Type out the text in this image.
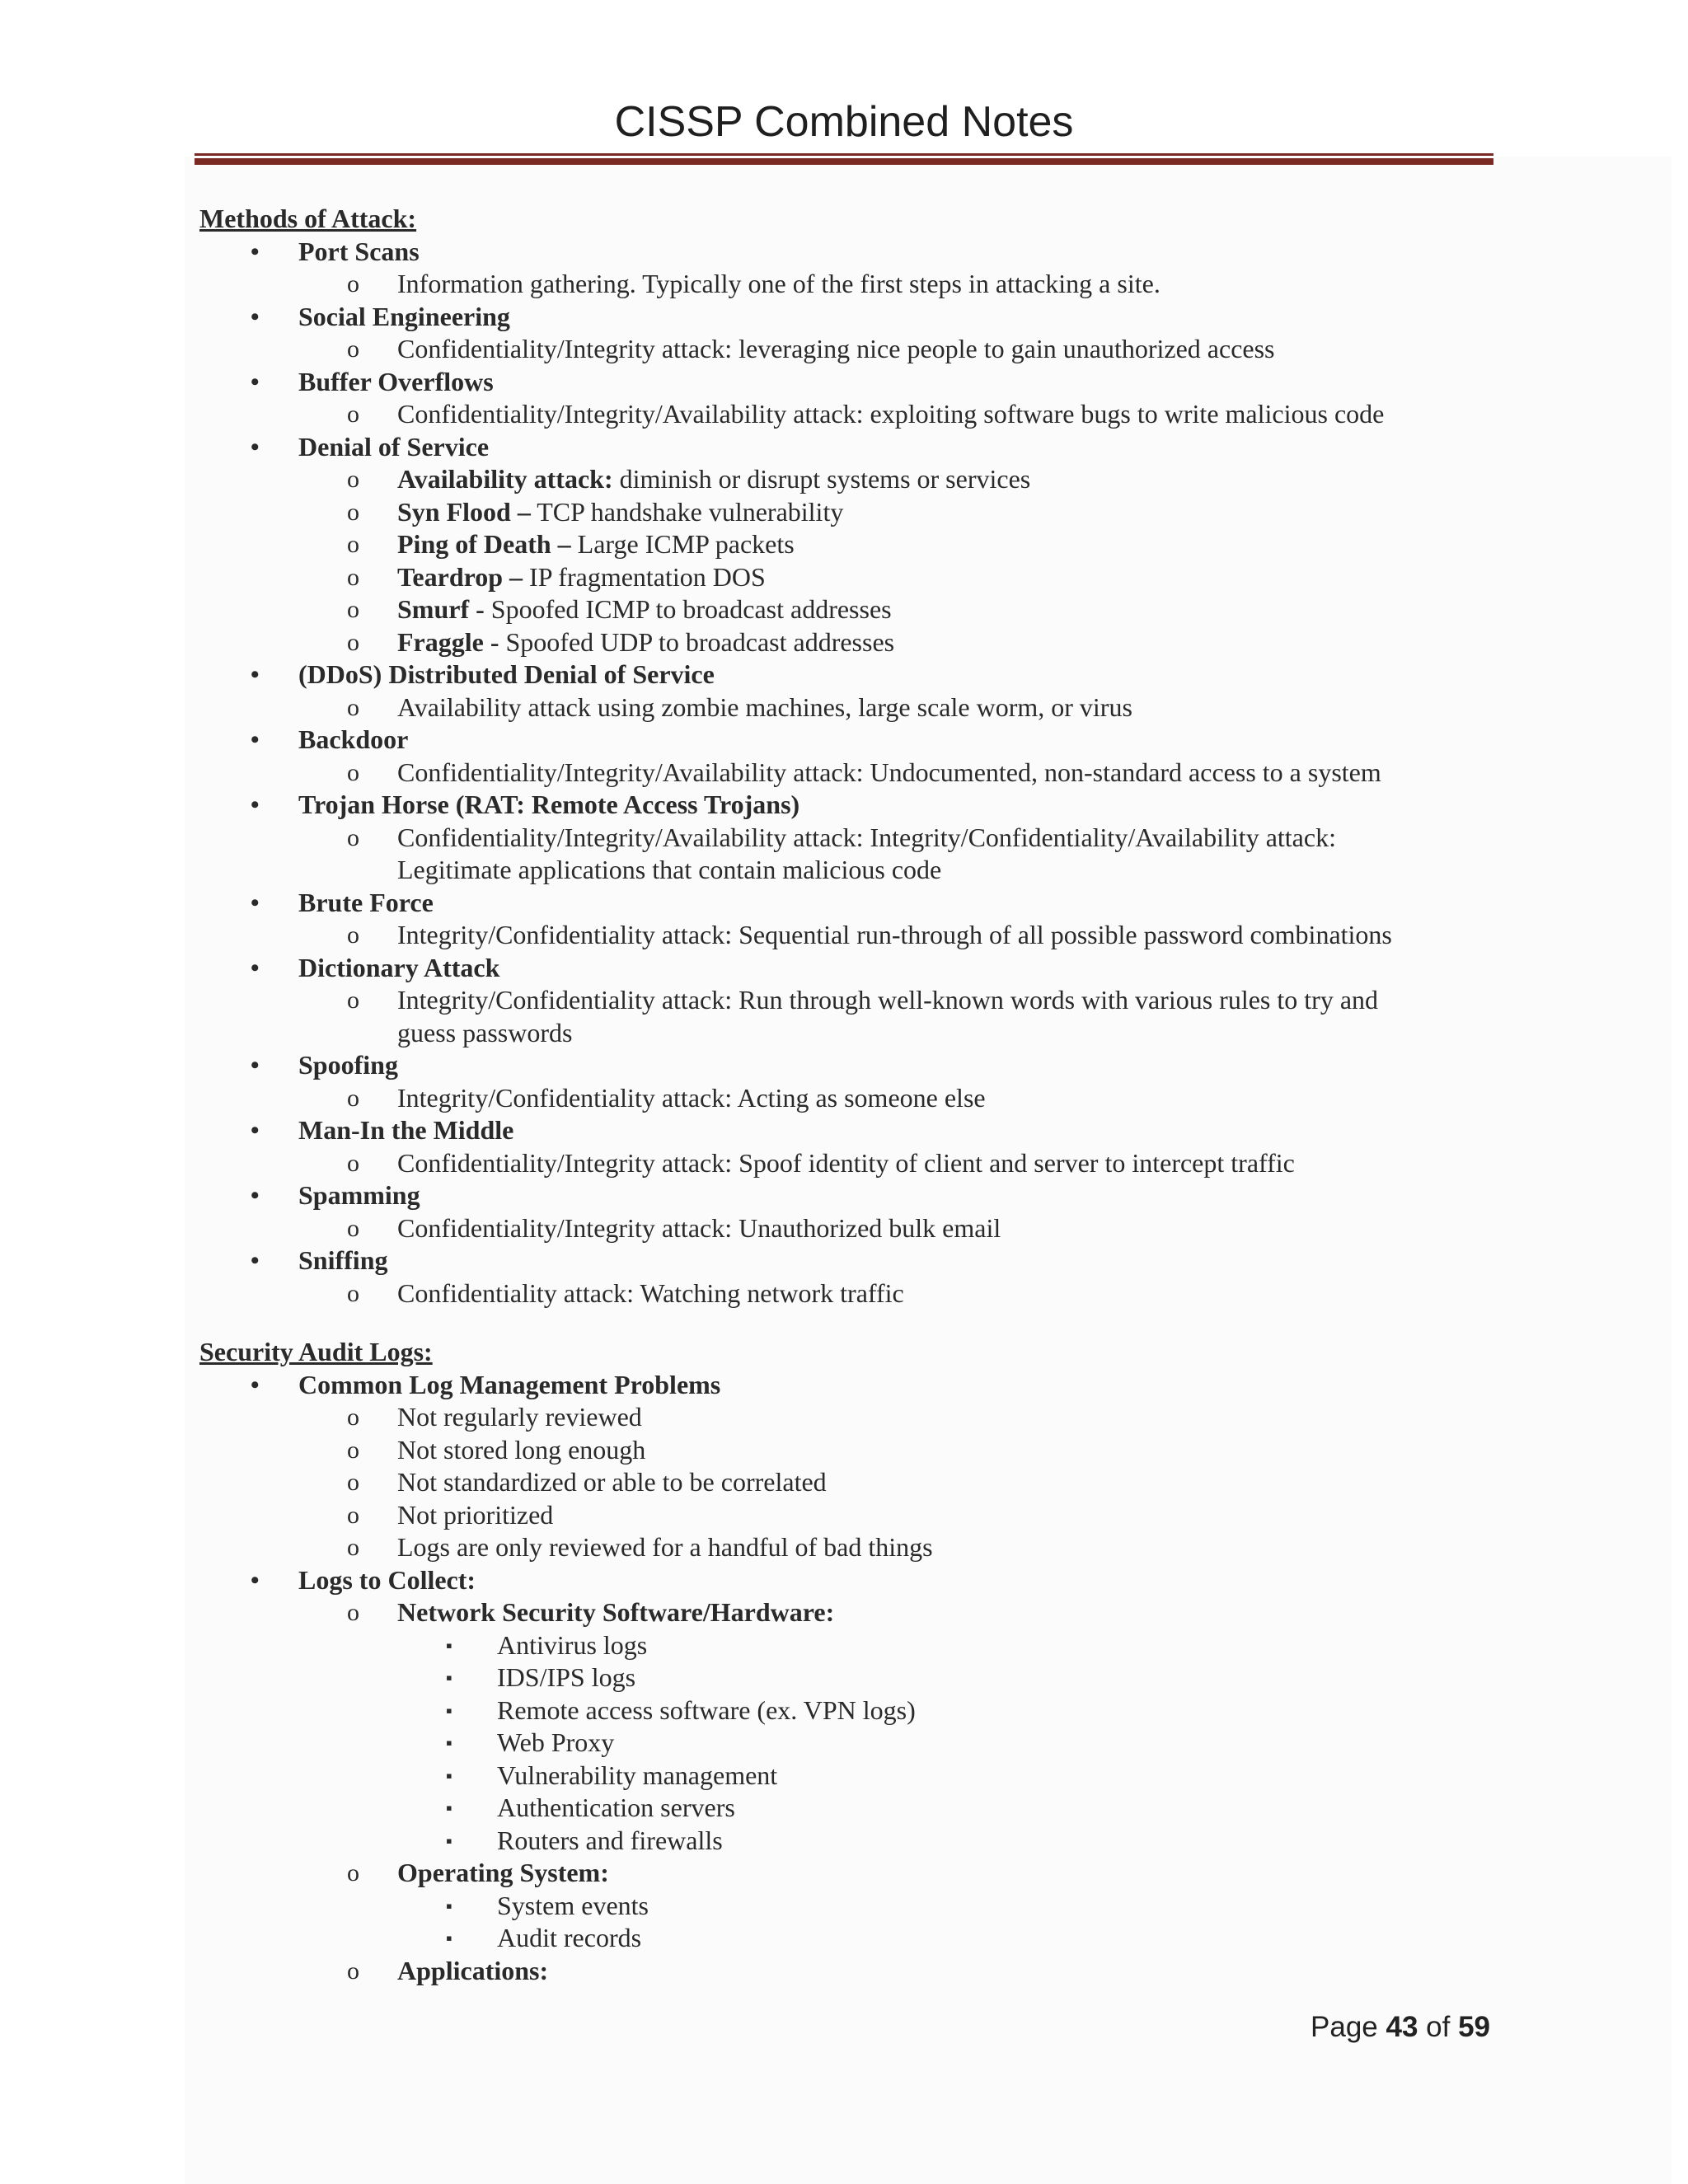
CISSP Combined Notes
Methods of Attack:
• Port Scans
o Information gathering. Typically one of the first steps in attacking a site.
• Social Engineering
o Confidentiality/Integrity attack: leveraging nice people to gain unauthorized access
• Buffer Overflows
o Confidentiality/Integrity/Availability attack: exploiting software bugs to write malicious code
• Denial of Service
o Availability attack: diminish or disrupt systems or services
o Syn Flood – TCP handshake vulnerability
o Ping of Death – Large ICMP packets
o Teardrop – IP fragmentation DOS
o Smurf - Spoofed ICMP to broadcast addresses
o Fraggle - Spoofed UDP to broadcast addresses
• (DDoS) Distributed Denial of Service
o Availability attack using zombie machines, large scale worm, or virus
• Backdoor
o Confidentiality/Integrity/Availability attack: Undocumented, non-standard access to a system
• Trojan Horse (RAT: Remote Access Trojans)
o Confidentiality/Integrity/Availability attack: Integrity/Confidentiality/Availability attack:
Legitimate applications that contain malicious code
• Brute Force
o Integrity/Confidentiality attack: Sequential run-through of all possible password combinations
• Dictionary Attack
o Integrity/Confidentiality attack: Run through well-known words with various rules to try and
guess passwords
• Spoofing
o Integrity/Confidentiality attack: Acting as someone else
• Man-In the Middle
o Confidentiality/Integrity attack: Spoof identity of client and server to intercept traffic
• Spamming
o Confidentiality/Integrity attack: Unauthorized bulk email
• Sniffing
o Confidentiality attack: Watching network traffic
Security Audit Logs:
• Common Log Management Problems
o Not regularly reviewed
o Not stored long enough
o Not standardized or able to be correlated
o Not prioritized
o Logs are only reviewed for a handful of bad things
• Logs to Collect:
o Network Security Software/Hardware:
▪ Antivirus logs
▪ IDS/IPS logs
▪ Remote access software (ex. VPN logs)
▪ Web Proxy
▪ Vulnerability management
▪ Authentication servers
▪ Routers and firewalls
o Operating System:
▪ System events
▪ Audit records
o Applications:
Page 43 of 59
